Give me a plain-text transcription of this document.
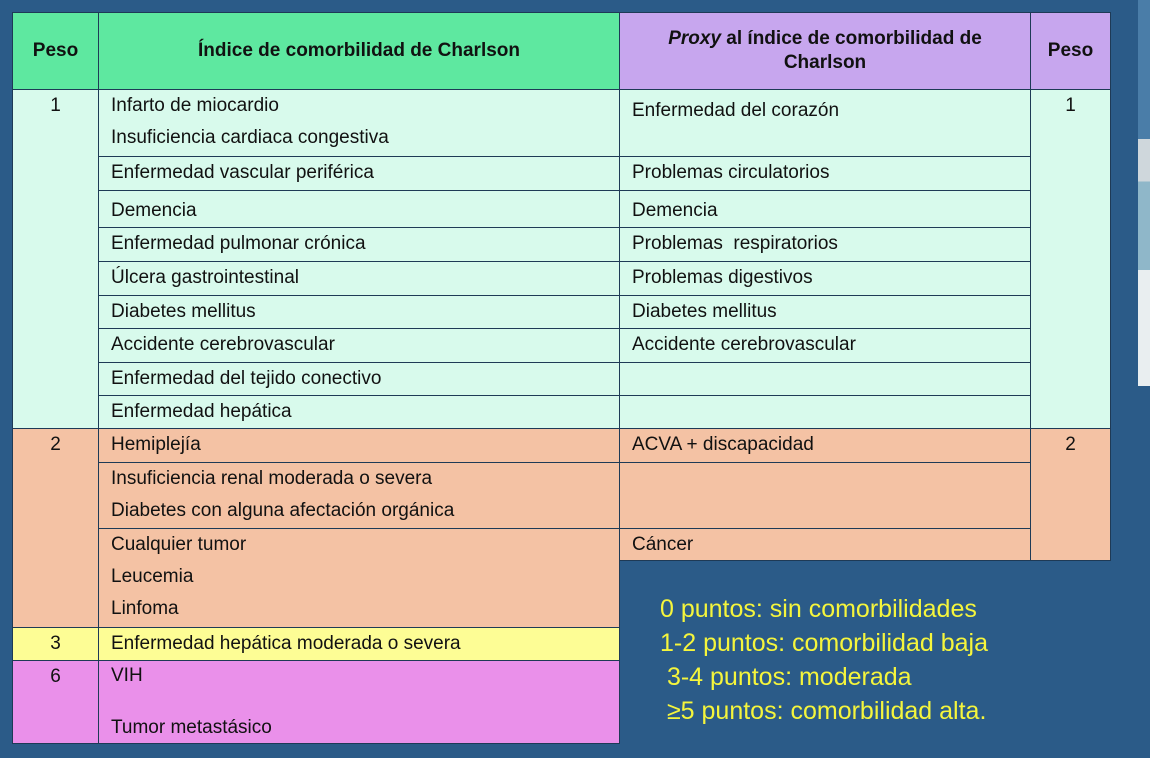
Peso	Índice de comorbilidad de Charlson
Proxy al índice de comorbilidad de Charlson
Peso
1
2
3
6
Infarto de miocardio
Insuficiencia cardiaca congestiva
Enfermedad vascular periférica
Demencia
Enfermedad pulmonar crónica
Úlcera gastrointestinal
Diabetes mellitus
Accidente cerebrovascular
Enfermedad del tejido conectivo
Enfermedad hepática
Hemiplejía
Insuficiencia renal moderada o severa
Diabetes con alguna afectación orgánica
Cualquier tumor
Leucemia
Linfoma
Enfermedad hepática moderada o severa
VIH
Tumor metastásico
Enfermedad del corazón
Problemas circulatorios
Demencia
Problemas  respiratorios
Problemas digestivos
Diabetes mellitus
Accidente cerebrovascular
ACVA + discapacidad
Cáncer
1
2
0 puntos: sin comorbilidades
1-2 puntos: comorbilidad baja
3-4 puntos: moderada
≥5 puntos: comorbilidad alta.
